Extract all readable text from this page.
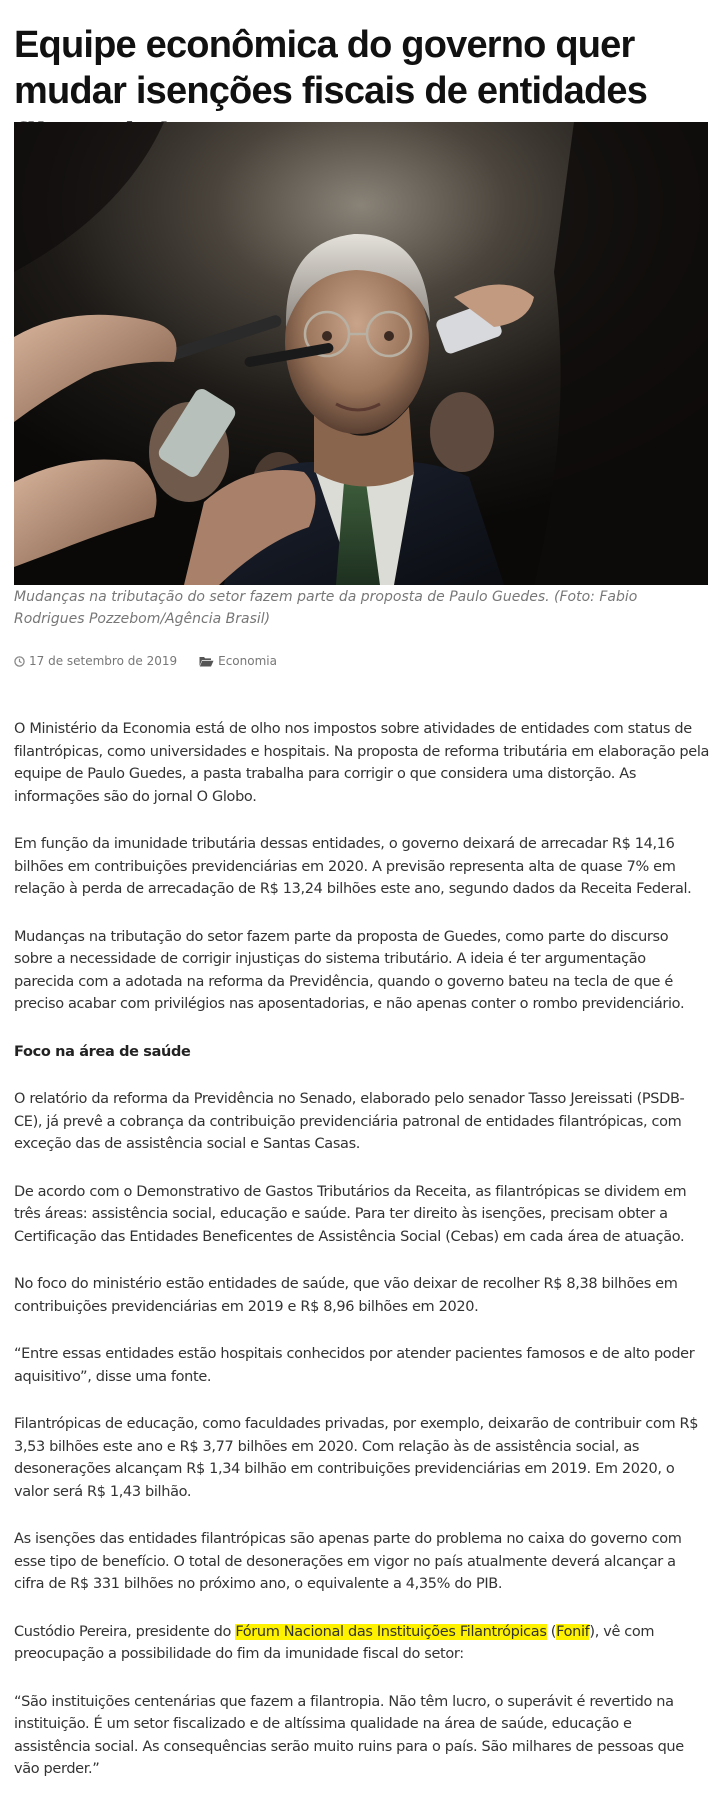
Equipe econômica do governo quer mudar isenções fiscais de entidades

Mudanças na tributação do setor fazem parte da proposta de Paulo Guedes. (Foto: Fabio Rodrigues Pozzebom/Agência Brasil)

17 de setembro de 2019	Economia

O Ministério da Economia está de olho nos impostos sobre atividades de entidades com status de filantrópicas, como universidades e hospitais. Na proposta de reforma tributária em elaboração pela equipe de Paulo Guedes, a pasta trabalha para corrigir o que considera uma distorção. As informações são do jornal O Globo.

Em função da imunidade tributária dessas entidades, o governo deixará de arrecadar R$ 14,16 bilhões em contribuições previdenciárias em 2020. A previsão representa alta de quase 7% em relação à perda de arrecadação de R$ 13,24 bilhões este ano, segundo dados da Receita Federal.

Mudanças na tributação do setor fazem parte da proposta de Guedes, como parte do discurso sobre a necessidade de corrigir injustiças do sistema tributário. A ideia é ter argumentação parecida com a adotada na reforma da Previdência, quando o governo bateu na tecla de que é preciso acabar com privilégios nas aposentadorias, e não apenas conter o rombo previdenciário.

Foco na área de saúde

O relatório da reforma da Previdência no Senado, elaborado pelo senador Tasso Jereissati (PSDB-CE), já prevê a cobrança da contribuição previdenciária patronal de entidades filantrópicas, com exceção das de assistência social e Santas Casas.

De acordo com o Demonstrativo de Gastos Tributários da Receita, as filantrópicas se dividem em três áreas: assistência social, educação e saúde. Para ter direito às isenções, precisam obter a Certificação das Entidades Beneficentes de Assistência Social (Cebas) em cada área de atuação.

No foco do ministério estão entidades de saúde, que vão deixar de recolher R$ 8,38 bilhões em contribuições previdenciárias em 2019 e R$ 8,96 bilhões em 2020.

“Entre essas entidades estão hospitais conhecidos por atender pacientes famosos e de alto poder aquisitivo”, disse uma fonte.

Filantrópicas de educação, como faculdades privadas, por exemplo, deixarão de contribuir com R$ 3,53 bilhões este ano e R$ 3,77 bilhões em 2020. Com relação às de assistência social, as desonerações alcançam R$ 1,34 bilhão em contribuições previdenciárias em 2019. Em 2020, o valor será R$ 1,43 bilhão.

As isenções das entidades filantrópicas são apenas parte do problema no caixa do governo com esse tipo de benefício. O total de desonerações em vigor no país atualmente deverá alcançar a cifra de R$ 331 bilhões no próximo ano, o equivalente a 4,35% do PIB.

Custódio Pereira, presidente do Fórum Nacional das Instituições Filantrópicas (Fonif), vê com preocupação a possibilidade do fim da imunidade fiscal do setor:

“São instituições centenárias que fazem a filantropia. Não têm lucro, o superávit é revertido na instituição. É um setor fiscalizado e de altíssima qualidade na área de saúde, educação e assistência social. As consequências serão muito ruins para o país. São milhares de pessoas que vão perder.”
